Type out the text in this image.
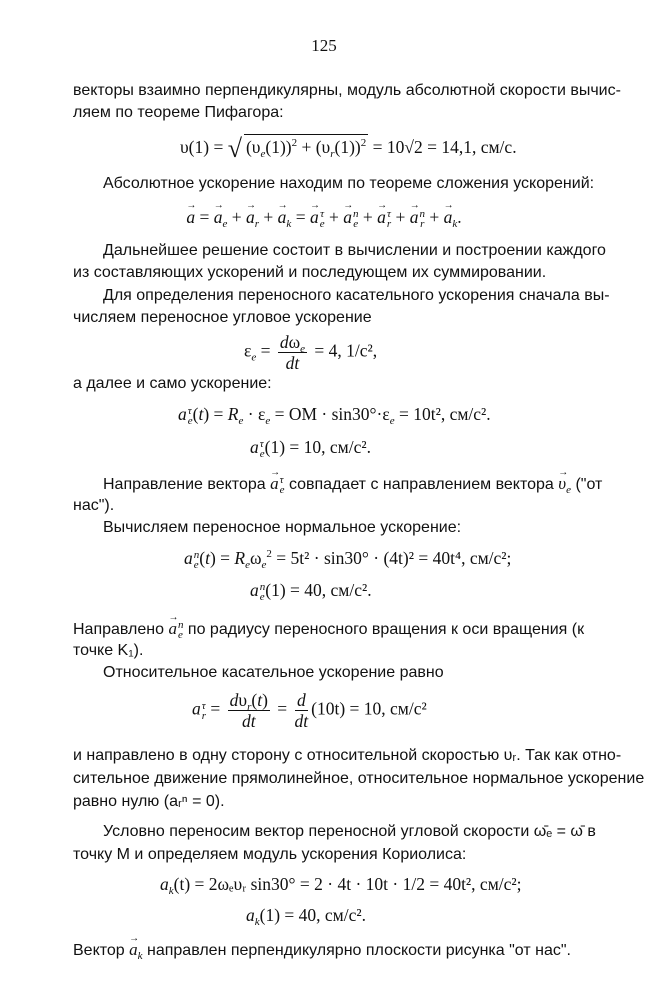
125
векторы взаимно перпендикулярны, модуль абсолютной скорости вычис-
ляем по теореме Пифагора:
υ(1) = √ $(\upsilon_e(1))^2 + (\upsilon_r(1))^2 = 10√2 = 14,1$, см/с.
Абсолютное ускорение находим по теореме сложения ускорений:
→ a = → $a_e$ + → $a_r$ + → $a_k$ = → a τ
e + → a n
e + → a τ
r + → a n
r + → $a_k$.
Дальнейшее решение состоит в вычислении и построении каждого
из составляющих ускорений и последующем их суммировании.
Для определения переносного касательного ускорения сначала вы-
числяем переносное угловое ускорение
$\varepsilon_e = \frac{d\omega_e}{dt} = 4$, 1/с²,
а далее и само ускорение:
a τ
e $(t) = R_e \cdot \varepsilon_e$ = OM · $\sin 30^\circ\cdot\varepsilon_e = 10t^2$, см/с².
a τ
e (1) = 10, см/с².
Направление вектора → a τ
e совпадает с направлением вектора → $\upsilon_e$ ("от
нас").
Вычисляем переносное нормальное ускорение:
a n
e $(t) = R_e\omega_e^2 = 5t^2 \cdot \sin 30^\circ \cdot (4t)^2 = 40t^4$, см/с²;
a n
e (1) = 40, см/с².
Направлено → a n
e по радиусу переносного вращения к оси вращения (к
точке K₁).
Относительное касательное ускорение равно
a τ
$r = \frac{d\upsilon_r(t)}{dt} = \frac{d}{dt} (10t) = 10$, см/с²
и направлено в одну сторону с относительной скоростью υᵣ. Так как отно-
сительное движение прямолинейное, относительное нормальное ускорение
равно нулю (aᵣⁿ = 0).
Условно переносим вектор переносной угловой скорости ω̄ₑ = ω̄ в
точку M и определяем модуль ускорения Кориолиса:
$a_k(t)$ = 2ωₑυᵣ sin30° = 2 · 4t · 10t · 1/2 = 40t², см/с²;
$a_k(1) = 40$, см/с².
Вектор → $a_k$ направлен перпендикулярно плоскости рисунка "от нас".
